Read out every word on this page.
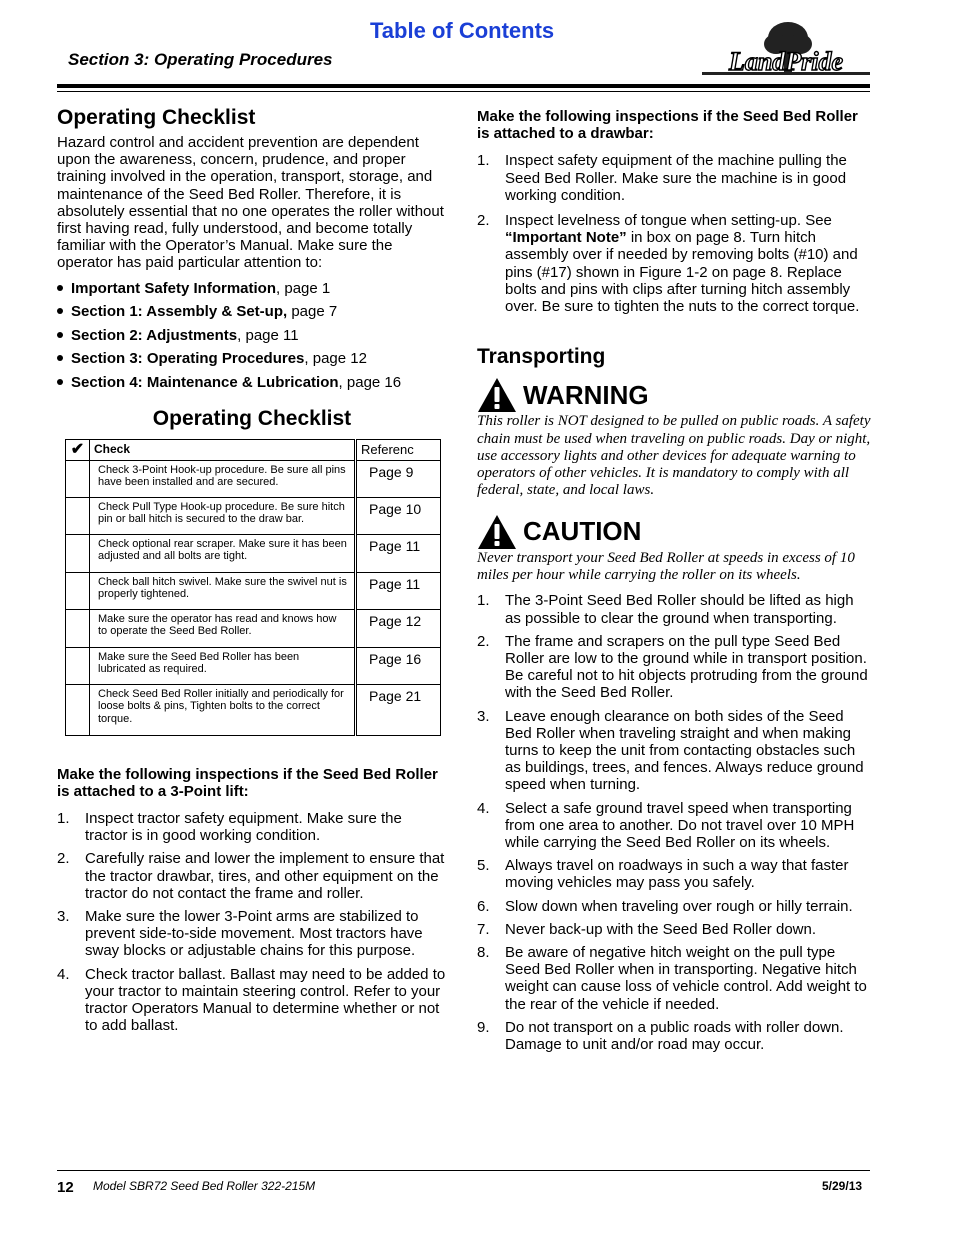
Table of Contents
Section 3: Operating Procedures	LandPride
Operating Checklist

Hazard control and accident prevention are dependent upon the awareness, concern, prudence, and proper training involved in the operation, transport, storage, and maintenance of the Seed Bed Roller. Therefore, it is absolutely essential that no one operates the roller without first having read, fully understood, and become totally familiar with the Operator’s Manual. Make sure the operator has paid particular attention to:

Important Safety Information, page 1
Section 1: Assembly & Set-up, page 7
Section 2: Adjustments, page 11
Section 3: Operating Procedures, page 12
Section 4: Maintenance & Lubrication, page 16
Operating Checklist
✔	Check	Referenc
	Check 3-Point Hook-up procedure. Be sure all pins have been installed and are secured.	Page 9
	Check Pull Type Hook-up procedure. Be sure hitch pin or ball hitch is secured to the draw bar.	Page 10
	Check optional rear scraper. Make sure it has been adjusted and all bolts are tight.	Page 11
	Check ball hitch swivel. Make sure the swivel nut is properly tightened.	Page 11
	Make sure the operator has read and knows how to operate the Seed Bed Roller.	Page 12
	Make sure the Seed Bed Roller has been lubricated as required.	Page 16
	Check Seed Bed Roller initially and periodically for loose bolts & pins, Tighten bolts to the correct torque.	Page 21

Make the following inspections if the Seed Bed Roller is attached to a 3-Point lift:

1. Inspect tractor safety equipment. Make sure the tractor is in good working condition.
2. Carefully raise and lower the implement to ensure that the tractor drawbar, tires, and other equipment on the tractor do not contact the frame and roller.
3. Make sure the lower 3-Point arms are stabilized to prevent side-to-side movement. Most tractors have sway blocks or adjustable chains for this purpose.
4. Check tractor ballast. Ballast may need to be added to your tractor to maintain steering control. Refer to your tractor Operators Manual to determine whether or not to add ballast.

Make the following inspections if the Seed Bed Roller is attached to a drawbar:

1. Inspect safety equipment of the machine pulling the Seed Bed Roller. Make sure the machine is in good working condition.
2. Inspect levelness of tongue when setting-up. See “Important Note” in box on page 8. Turn hitch assembly over if needed by removing bolts (#10) and pins (#17) shown in Figure 1-2 on page 8. Replace bolts and pins with clips after turning hitch assembly over. Be sure to tighten the nuts to the correct torque.
Transporting
WARNING

This roller is NOT designed to be pulled on public roads. A safety chain must be used when traveling on public roads. Day or night, use accessory lights and other devices for adequate warning to operators of other vehicles. It is mandatory to comply with all federal, state, and local laws.

CAUTION

Never transport your Seed Bed Roller at speeds in excess of 10 miles per hour while carrying the roller on its wheels.

1. The 3-Point Seed Bed Roller should be lifted as high as possible to clear the ground when transporting.
2. The frame and scrapers on the pull type Seed Bed Roller are low to the ground while in transport position. Be careful not to hit objects protruding from the ground with the Seed Bed Roller.
3. Leave enough clearance on both sides of the Seed Bed Roller when traveling straight and when making turns to keep the unit from contacting obstacles such as buildings, trees, and fences. Always reduce ground speed when turning.
4. Select a safe ground travel speed when transporting from one area to another. Do not travel over 10 MPH while carrying the Seed Bed Roller on its wheels.
5. Always travel on roadways in such a way that faster moving vehicles may pass you safely.
6. Slow down when traveling over rough or hilly terrain.
7. Never back-up with the Seed Bed Roller down.
8. Be aware of negative hitch weight on the pull type Seed Bed Roller when in transporting. Negative hitch weight can cause loss of vehicle control. Add weight to the rear of the vehicle if needed.
9. Do not transport on a public roads with roller down. Damage to unit and/or road may occur.
12 Model SBR72 Seed Bed Roller 322-215M	5/29/13
